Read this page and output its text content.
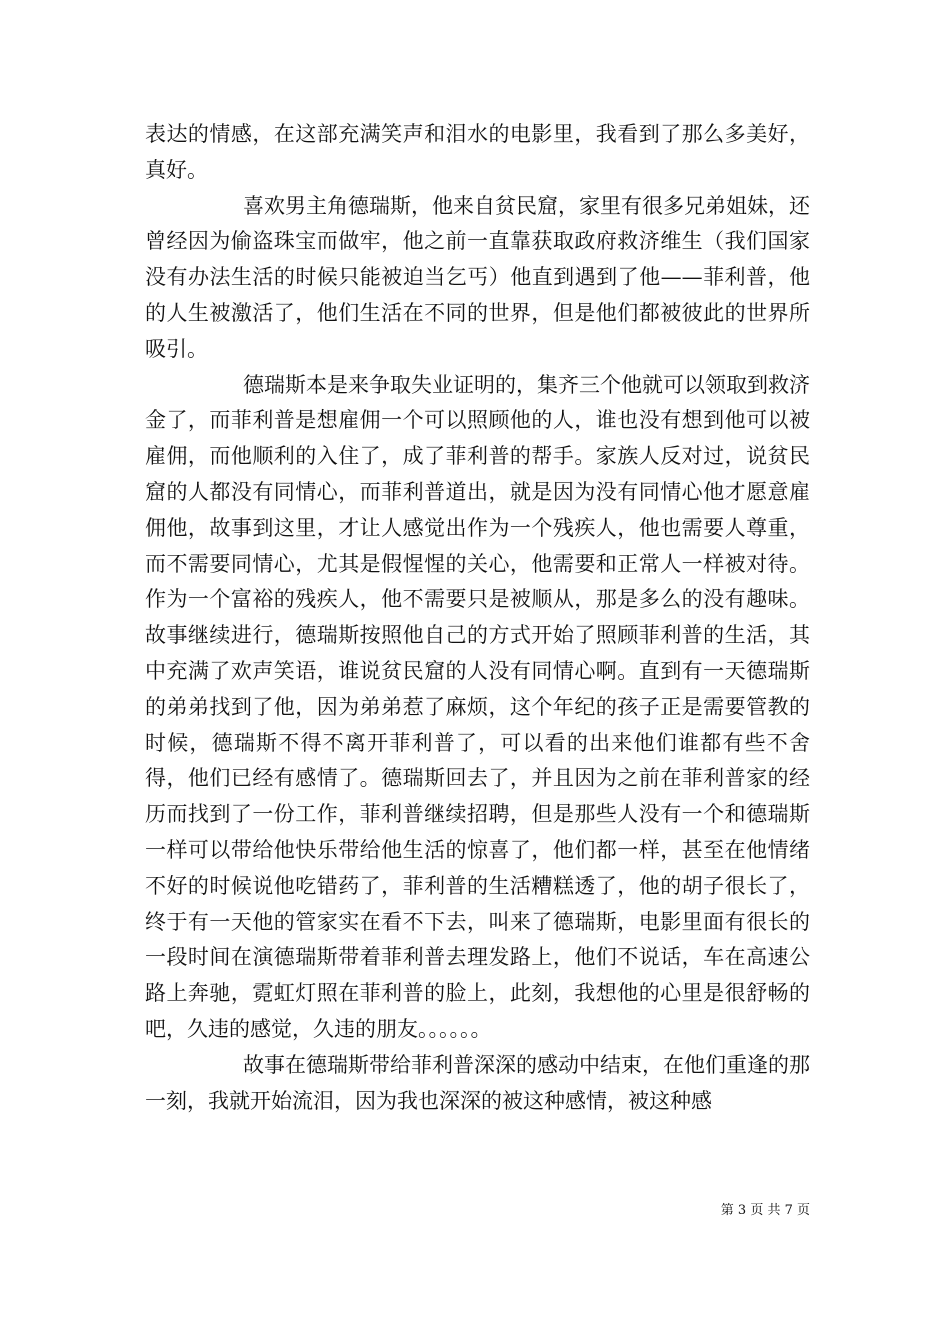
表达的情感，在这部充满笑声和泪水的电影里，我看到了那么多美好，真好。

喜欢男主角德瑞斯，他来自贫民窟，家里有很多兄弟姐妹，还曾经因为偷盗珠宝而做牢，他之前一直靠获取政府救济维生（我们国家没有办法生活的时候只能被迫当乞丐）他直到遇到了他——菲利普，他的人生被激活了，他们生活在不同的世界，但是他们都被彼此的世界所吸引。

德瑞斯本是来争取失业证明的，集齐三个他就可以领取到救济金了，而菲利普是想雇佣一个可以照顾他的人，谁也没有想到他可以被雇佣，而他顺利的入住了，成了菲利普的帮手。家族人反对过，说贫民窟的人都没有同情心，而菲利普道出，就是因为没有同情心他才愿意雇佣他，故事到这里，才让人感觉出作为一个残疾人，他也需要人尊重，而不需要同情心，尤其是假惺惺的关心，他需要和正常人一样被对待。作为一个富裕的残疾人，他不需要只是被顺从，那是多么的没有趣味。故事继续进行，德瑞斯按照他自己的方式开始了照顾菲利普的生活，其中充满了欢声笑语，谁说贫民窟的人没有同情心啊。直到有一天德瑞斯的弟弟找到了他，因为弟弟惹了麻烦，这个年纪的孩子正是需要管教的时候，德瑞斯不得不离开菲利普了，可以看的出来他们谁都有些不舍得，他们已经有感情了。德瑞斯回去了，并且因为之前在菲利普家的经历而找到了一份工作，菲利普继续招聘，但是那些人没有一个和德瑞斯一样可以带给他快乐带给他生活的惊喜了，他们都一样，甚至在他情绪不好的时候说他吃错药了，菲利普的生活糟糕透了，他的胡子很长了，终于有一天他的管家实在看不下去，叫来了德瑞斯，电影里面有很长的一段时间在演德瑞斯带着菲利普去理发路上，他们不说话，车在高速公路上奔驰，霓虹灯照在菲利普的脸上，此刻，我想他的心里是很舒畅的吧，久违的感觉，久违的朋友。。。。。。

故事在德瑞斯带给菲利普深深的感动中结束，在他们重逢的那一刻，我就开始流泪，因为我也深深的被这种感情，被这种感

第 3 页 共 7 页
